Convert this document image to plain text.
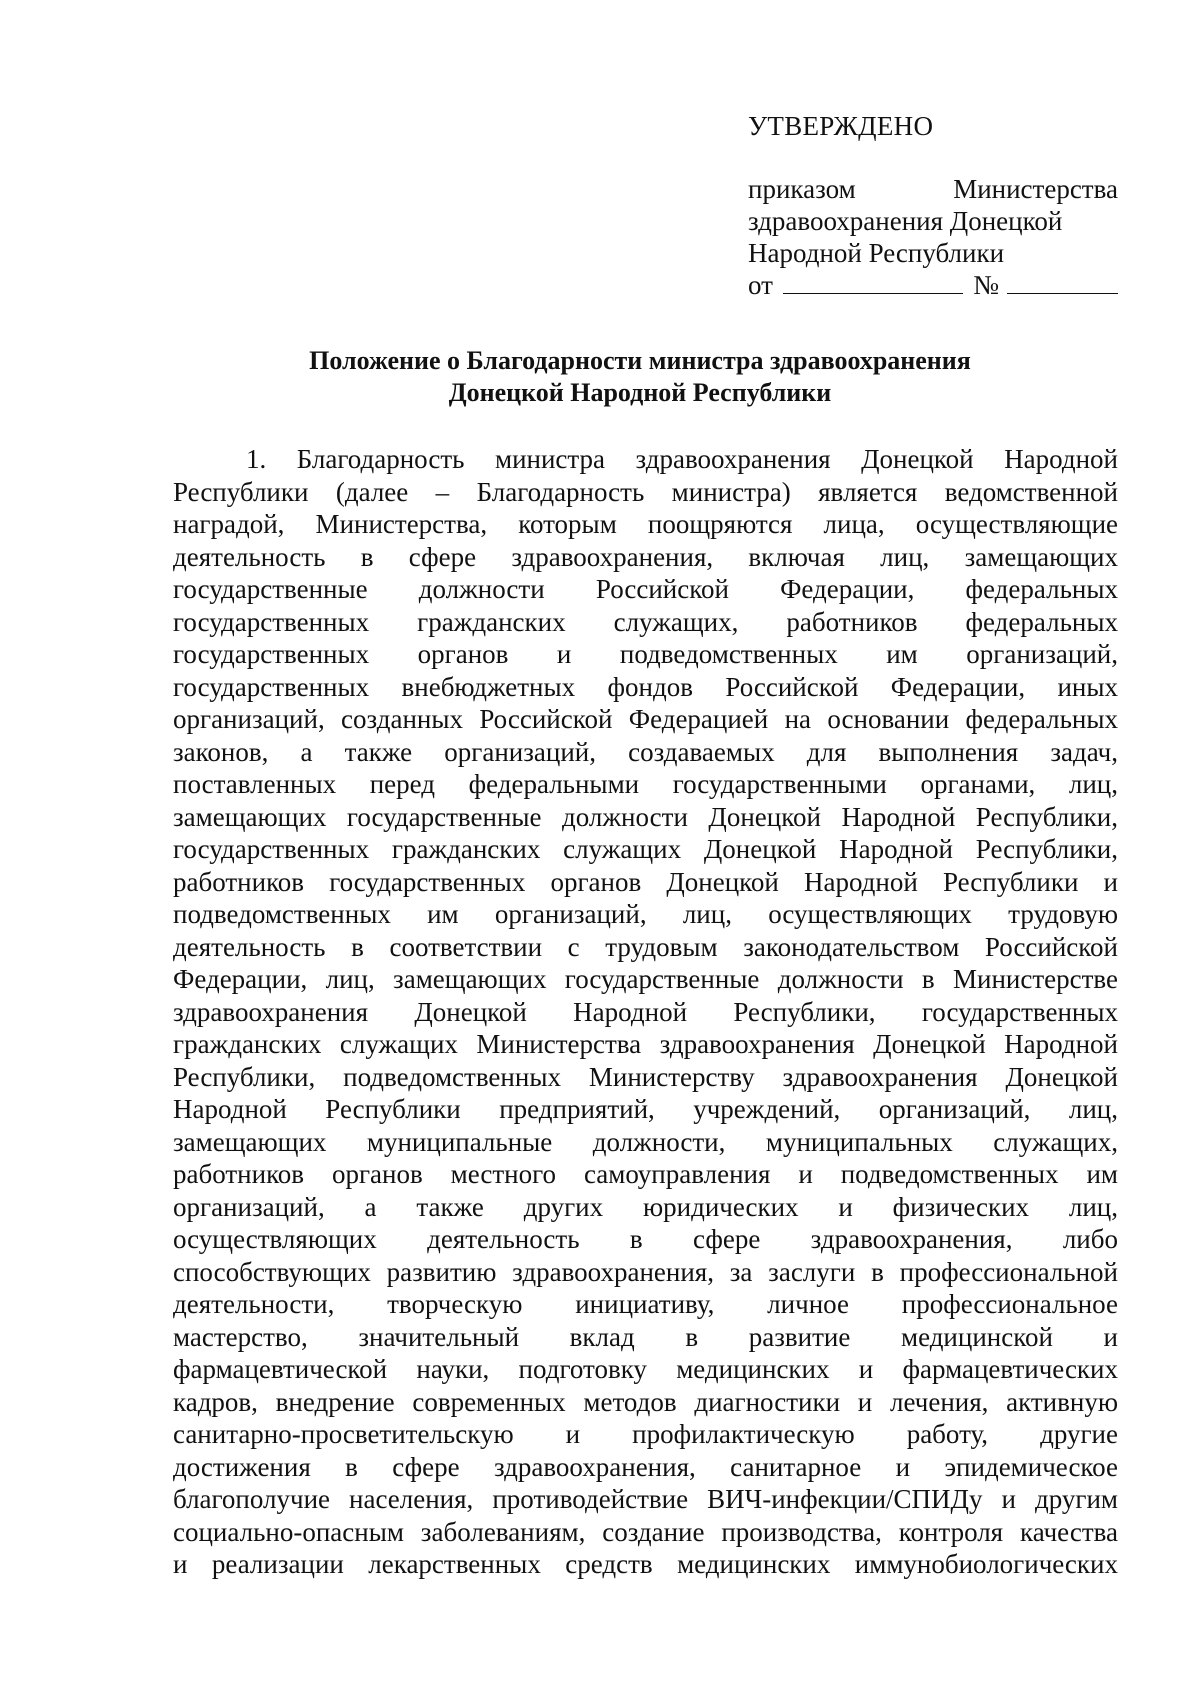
УТВЕРЖДЕНО
приказом	Министерства
здравоохранения Донецкой
Народной Республики
от	№
Положение о Благодарности министра здравоохранения
Донецкой Народной Республики
1. Благодарность министра здравоохранения Донецкой Народной
Республики (далее – Благодарность министра) является ведомственной
наградой, Министерства, которым поощряются лица, осуществляющие
деятельность в сфере здравоохранения, включая лиц, замещающих
государственные должности Российской Федерации, федеральных
государственных гражданских служащих, работников федеральных
государственных органов и подведомственных им организаций,
государственных внебюджетных фондов Российской Федерации, иных
организаций, созданных Российской Федерацией на основании федеральных
законов, а также организаций, создаваемых для выполнения задач,
поставленных перед федеральными государственными органами, лиц,
замещающих государственные должности Донецкой Народной Республики,
государственных гражданских служащих Донецкой Народной Республики,
работников государственных органов Донецкой Народной Республики и
подведомственных им организаций, лиц, осуществляющих трудовую
деятельность в соответствии с трудовым законодательством Российской
Федерации, лиц, замещающих государственные должности в Министерстве
здравоохранения Донецкой Народной Республики, государственных
гражданских служащих Министерства здравоохранения Донецкой Народной
Республики, подведомственных Министерству здравоохранения Донецкой
Народной Республики предприятий, учреждений, организаций, лиц,
замещающих муниципальные должности, муниципальных служащих,
работников органов местного самоуправления и подведомственных им
организаций, а также других юридических и физических лиц,
осуществляющих деятельность в сфере здравоохранения, либо
способствующих развитию здравоохранения, за заслуги в профессиональной
деятельности, творческую инициативу, личное профессиональное
мастерство, значительный вклад в развитие медицинской и
фармацевтической науки, подготовку медицинских и фармацевтических
кадров, внедрение современных методов диагностики и лечения, активную
санитарно-просветительскую и профилактическую работу, другие
достижения в сфере здравоохранения, санитарное и эпидемическое
благополучие населения, противодействие ВИЧ-инфекции/СПИДу и другим
социально-опасным заболеваниям, создание производства, контроля качества
и реализации лекарственных средств медицинских иммунобиологических
